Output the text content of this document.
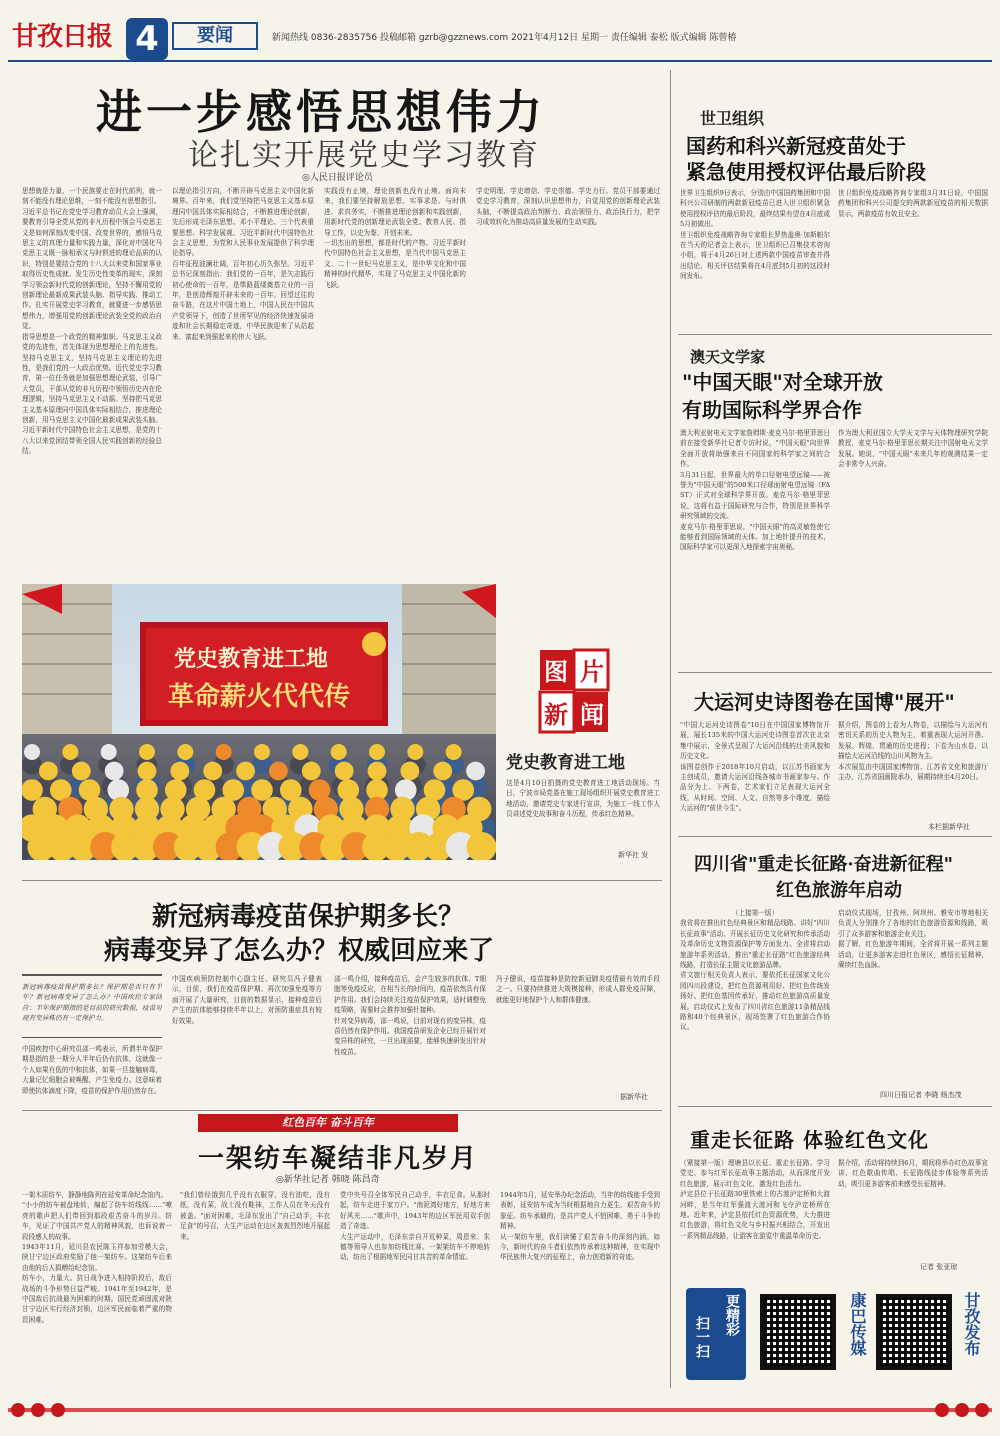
甘孜日报 4	要闻	新闻热线 0836-2835756 投稿邮箱 gzrb@gzznews.com 2021年4月12日 星期一 责任编辑 泰松 版式编辑 陈曾椿
进一步感悟思想伟力
论扎实开展党史学习教育
◎人民日报评论员

思想就是力量，一个民族要走在时代前列，就一刻不能没有理论思维，一刻不能没有思想指引。

习近平总书记在党史学习教育动员大会上强调，要教育引导全党从党的非凡历程中领会马克思主义是如何深刻改变中国、改变世界的，感悟马克思主义的真理力量和实践力量，深化对中国化马克思主义既一脉相承又与时俱进的理论品质的认识，特别是要结合党的十八大以来党和国家事业取得历史性成就、发生历史性变革的现实，深刻学习领会新时代党的创新理论，坚持不懈用党的创新理论最新成果武装头脑、指导实践、推动工作。扎实开展党史学习教育，就要进一步感悟思想伟力，增强用党的创新理论武装全党的政治自觉。

指导思想是一个政党的精神旗帜。马克思主义政党的先进性，首先体现为思想理论上的先进性。坚持马克思主义，坚持马克思主义理论的先进性，是我们党的一大政治优势。近代党史学习教育，第一位任务就是加强思想理论武装，引导广大党员，干部从党的非凡历程中领悟历史内在伦理逻辑，坚持马克思主义不动摇。坚持把马克思主义基本原理同中国具体实际相结合，推进理论创新，用马克思主义中国化最新成果武装头脑。习近平新时代中国特色社会主义思想，是党的十八大以来党团结带领全国人民实践创新的经验总结。

以理论指引方向，不断开辟马克思主义中国化新境界。百年来，我们党坚持把马克思主义基本原理同中国具体实际相结合，不断推进理论创新，先后形成毛泽东思想、邓小平理论、三个代表重要思想、科学发展观、习近平新时代中国特色社会主义思想，为党和人民事业发展提供了科学理论指导。

百年征程波澜壮阔，百年初心历久弥坚。习近平总书记深刻指出：我们党的一百年，是矢志践行初心使命的一百年，是筚路蓝缕奠基立业的一百年，是创造辉煌开辟未来的一百年。回望过往的奋斗路，在这片中国土地上，中国人民在中国共产党领导下，创造了世所罕见的经济快速发展奇迹和社会长期稳定奇迹，中华民族迎来了从站起来、富起来到强起来的伟大飞跃。

实践没有止境，理论创新也没有止境。面向未来，我们要坚持解放思想、实事求是、与时俱进、求真务实，不断推进理论创新和实践创新，用新时代党的创新理论武装全党、教育人民、指导工作，以史为鉴、开创未来。

一切杰出的思想，都是时代的产物。习近平新时代中国特色社会主义思想，是当代中国马克思主义、二十一世纪马克思主义，是中华文化和中国精神的时代精华，实现了马克思主义中国化新的飞跃。

学史明理、学史增信、学史崇德、学史力行。党员干部要通过党史学习教育，深刻认识思想伟力，自觉用党的创新理论武装头脑，不断提高政治判断力、政治领悟力、政治执行力，把学习成效转化为推动高质量发展的生动实践。

党史教育进工地
革命薪火代代传
图 片
新 闻
党史教育进工地
这是4月10日拍摄的党史教育进工地活动现场。当日，宁波市局党委在施工现场组织开展党史教育进工地活动，邀请党史专家进行宣讲，为施工一线工作人员讲述党史故事和奋斗历程，传承红色精神。
新华社 发
新冠病毒疫苗保护期多长？
病毒变异了怎么办？权威回应来了
新冠病毒疫苗保护期多长？保护期是否只有半年？新冠病毒变异了怎么办？中国疾控专家回应：半年保护期指的是目前的研究数据，疫苗对现有变异株仍有一定保护力。

中国疾控中心研究员邵一鸣表示，所谓半年保护期是指的是一期分人半年后仍有抗体，这就像一个人如果有低的中和抗体，如果一旦接触病毒，大量记忆细胞会被唤醒，产生免疫力。这意味着即使抗体滴度下降，疫苗的保护作用仍然存在。

中国疾病预防控制中心副主任、研究员冯子健表示，目前，我们在疫苗保护期、再次加强免疫等方面开展了大量研究，目前的数据显示，接种疫苗后产生的抗体能够持续半年以上，对预防重症具有较好效果。

邵一鸣介绍，接种疫苗后，会产生较多的抗体、T细胞等免疫反应，在相当长的时间内，疫苗依然具有保护作用。我们会持续关注疫苗保护效果，适时调整免疫策略，需要时会推荐加强针接种。

针对变异病毒，邵一鸣说，目前对现有的变异株，疫苗仍然有保护作用。我国疫苗研发企业已经开展针对变异株的研究，一旦出现需要，能够快速研发出针对性疫苗。

冯子健说，疫苗接种是防控新冠肺炎疫情最有效的手段之一。只要持续推进大规模接种，形成人群免疫屏障，就能更好地保护个人和群体健康。

据新华社
红色百年 奋斗百年
一架纺车凝结非凡岁月
◎新华社记者 韩晓 陈昌奇

一架木质纺车，静静地陈列在延安革命纪念馆内。

"小小的纺车被盘地转，编起了纺车纺线线……"嘹亮的歌声把人们带回到那段艰苦奋斗的岁月。纺车，见证了中国共产党人的精神风貌，也诉说着一段段感人的故事。

1943年11月，延川县农民陈玉祥参加劳模大会，陕甘宁边区政府奖励了他一架纺车。这架纺车后来由他的后人捐赠给纪念馆。

纺车小，力量大。抗日战争进入相持阶段后，敌后战场的斗争形势日益严峻。1941年至1942年，是中国敌后抗战最为困难的时期。国民党顽固派对陕甘宁边区实行经济封锁，边区军民面临着严重的物资困难。

"我们曾经饿到几乎没有衣服穿，没有油吃，没有纸，没有菜，战士没有鞋袜，工作人员在冬天没有被盖。"面对困难，毛泽东发出了"自己动手，丰衣足食"的号召，大生产运动在边区轰轰烈烈地开展起来。

党中央号召全体军民自己动手，丰衣足食。从那时起，纺车走进千家万户。"南泥湾好地方，好地方来好风光……"歌声中，1943年的边区军民用双手创造了奇迹。

大生产运动中，毛泽东亲自开荒种菜，周恩来、朱德等领导人也参加纺线比赛。一架架纺车不停地转动，纺出了根据地军民同甘共苦的革命情谊。

1944年5月，延安举办纪念活动，当年的纺线能手受到表彰，延安纺车成为当时根据地自力更生、艰苦奋斗的象征。纺车承载的，是共产党人不怕困难、勇于斗争的精神。

从一架纺车里，我们读懂了艰苦奋斗的深刻内涵。如今，新时代的奋斗者们依然传承着这种精神，在实现中华民族伟大复兴的征程上，奋力创造新的奇迹。

世卫组织
国药和科兴新冠疫苗处于
紧急使用授权评估最后阶段

世界卫生组织9日表示，分别由中国国药集团和中国科兴公司研制的两款新冠疫苗已进入世卫组织紧急使用授权评估的最后阶段，最终结果有望在4月底或5月初做出。

世卫组织免疫战略咨询专家组长罗热盖奥·加斯帕尔在当天的记者会上表示，世卫组织已召集技术咨询小组，将于4月26日对上述两款中国疫苗审查并得出结论，相关评估结果将在4月底到5月初的这段时间发布。

世卫组织免疫战略咨询专家组3月31日说，中国国药集团和科兴公司提交的两款新冠疫苗的相关数据显示，两款疫苗有效且安全。

澳天文学家
"中国天眼"对全球开放
有助国际科学界合作

澳大利亚射电天文学家詹姆斯·麦克马尔·格里菲思日前在接受新华社记者专访时说，"中国天眼"向世界全面开放将助强来自不同国家的科学家之间的合作。

3月31日起，世界最大的单口径射电望远镜——被誉为"中国天眼"的500米口径球面射电望远镜（FAST）正式对全球科学界开放。麦克马尔·格里菲思说，这将有益于国际研究与合作，特别是世界科学研究领域的交流。

麦克马尔·格里菲思说，"中国天眼"的高灵敏性使它能够看到国际领域的天体。加上地针提升的技术，国际科学家可以更深入地探索宇宙奥秘。

作为澳大利亚国立大学天文学与天体物理研究学院教授，麦克马尔·格里菲思长期关注中国射电天文学发展。她说，"中国天眼"未来几年的观测结果一定会非常令人兴奋。

大运河史诗图卷在国博"展开"

"中国大运河史诗图卷"10日在中国国家博物馆开展，展长135米的中国大运河史诗图卷首次在北京集中展示，全景式呈现了大运河沿线的壮美风貌和历史文化。

该图卷创作于2018年10月启动，以江苏书画家为主创成员，邀请大运河沿线各城市书画家参与。作品分为上、下两卷，艺术家们立足表现大运河全线，从时间、空间、人文、自然等多个维度，描绘大运河的"前世今生"。

据介绍，图卷的上卷为人物卷，以描绘与大运河有密切关系的历史人物为主，着重表现大运河开凿、发展、辉煌、贯通的历史进程；下卷为山水卷，以描绘大运河沿线的山川风物为主。

本次展览由中国国家博物馆、江苏省文化和旅游厅主办，江苏省国画院承办，展期持续至4月20日。

本栏据新华社
四川省"重走长征路·奋进新征程"
红色旅游年启动

（上接第一版）

我省将在推出红色经典景区和精品线路、讲好"四川长征故事"活动、开展长征历史文化研究和传承活动及革命历史文物资源保护等方面发力。全省将启动旅游年系列活动，推出"重走长征路"红色旅游经典线路，打造长征主题文化旅游品牌。

省文旅厅相关负责人表示，要依托长征国家文化公园四川段建设，把红色资源利用好、把红色传统发扬好、把红色基因传承好，推动红色旅游高质量发展。启动仪式上发布了四川省红色旅游11条精品线路和40个经典景区，现场签署了红色旅游合作协议。

启动仪式现场，甘孜州、阿坝州、雅安市等地相关负责人分别推介了各地的红色旅游资源和线路，吸引了众多游客和旅游企业关注。

据了解，红色旅游年期间，全省将开展一系列主题活动，让更多游客走进红色景区，感悟长征精神，赓续红色血脉。

四川日报记者 李晓 杨杰茂
重走长征路 体验红色文化

（紧接第一版）理塘县以长征、重走长征路、学习党史、参与红军长征故事主题活动，从而深度开发红色旅游，展示红色文化，激发红色活力。

泸定县位于长征路30里铁索上的古渡泸定桥和大渡河畔，是当年红军强渡大渡河和飞夺泸定桥所在地。近年来，泸定县依托红色资源优势，大力推进红色旅游，将红色文化与乡村振兴相结合，开发出一系列精品线路，让游客在游览中重温革命历史。

据介绍，活动将持续到6月，期间将举办红色故事宣讲、红色歌曲传唱、长征路线徒步体验等系列活动，吸引更多游客前来感受长征精神。

记者 张亚琼
更精彩
扫一扫	康巴传媒	甘孜发布
